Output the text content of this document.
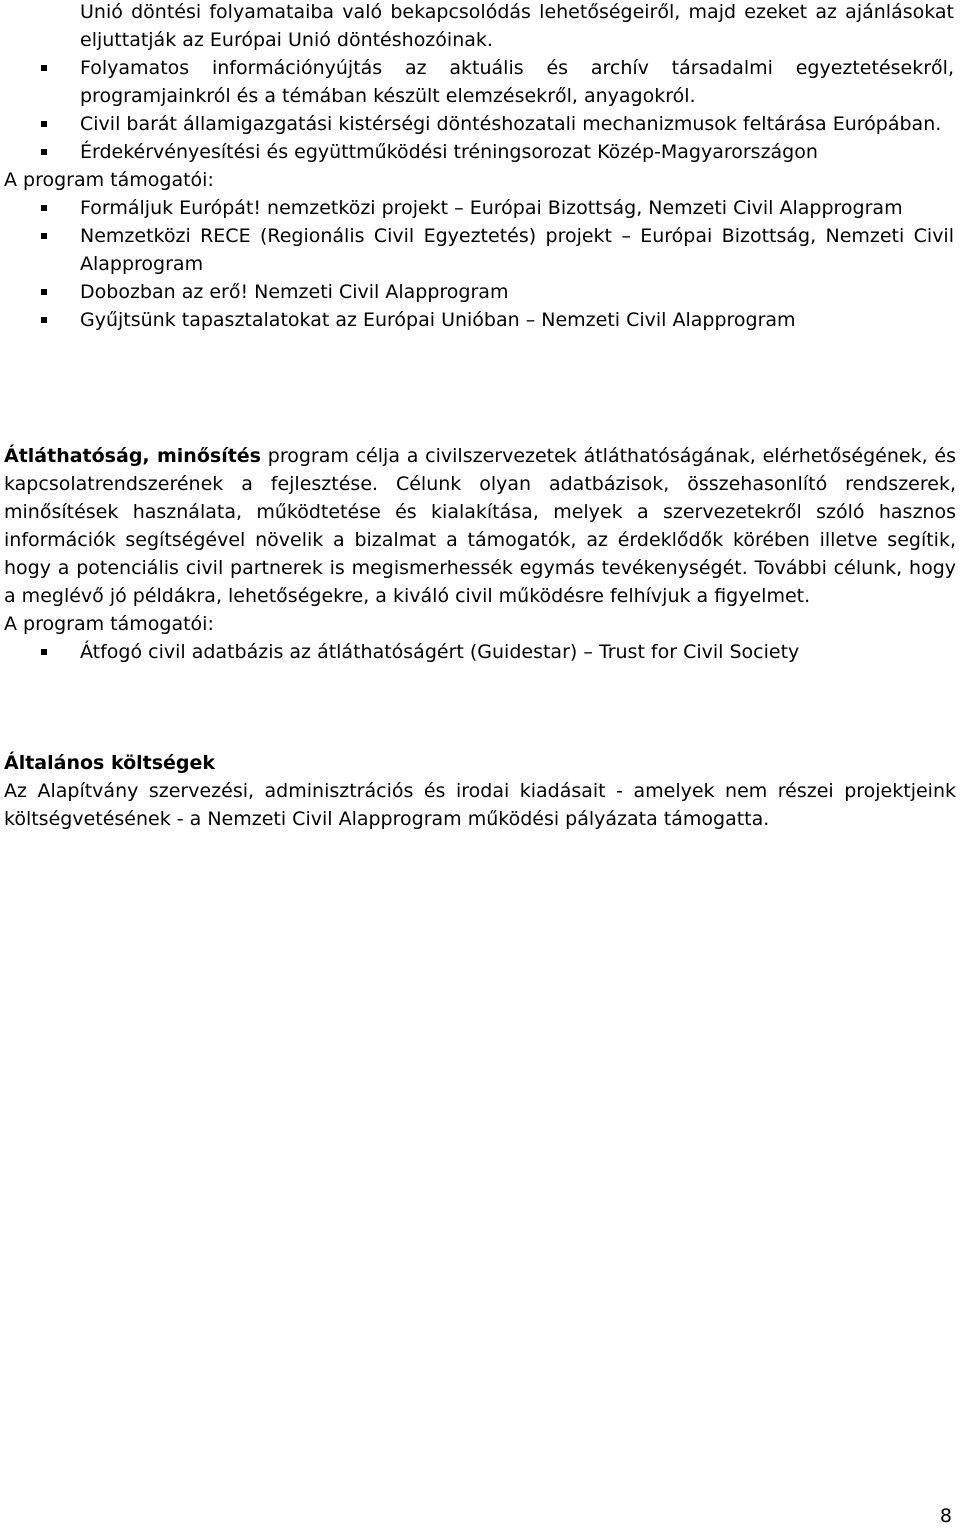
Unió döntési folyamataiba való bekapcsolódás lehetőségeiről, majd ezeket az ajánlásokat eljuttatják az Európai Unió döntéshozóinak.
Folyamatos információnyújtás az aktuális és archív társadalmi egyeztetésekről, programjainkról és a témában készült elemzésekről, anyagokról.
Civil barát államigazgatási kistérségi döntéshozatali mechanizmusok feltárása Európában.
Érdekérvényesítési és együttműködési tréningsorozat Közép-Magyarországon

A program támogatói:

Formáljuk Európát! nemzetközi projekt – Európai Bizottság, Nemzeti Civil Alapprogram
Nemzetközi RECE (Regionális Civil Egyeztetés) projekt – Európai Bizottság, Nemzeti Civil Alapprogram
Dobozban az erő! Nemzeti Civil Alapprogram
Gyűjtsünk tapasztalatokat az Európai Unióban – Nemzeti Civil Alapprogram

Átláthatóság, minősítés program célja a civilszervezetek átláthatóságának, elérhetőségének, és kapcsolatrendszerének a fejlesztése. Célunk olyan adatbázisok, összehasonlító rendszerek, minősítések használata, működtetése és kialakítása, melyek a szervezetekről szóló hasznos információk segítségével növelik a bizalmat a támogatók, az érdeklődők körében illetve segítik, hogy a potenciális civil partnerek is megismerhessék egymás tevékenységét. További célunk, hogy a meglévő jó példákra, lehetőségekre, a kiváló civil működésre felhívjuk a figyelmet.

A program támogatói:

Átfogó civil adatbázis az átláthatóságért (Guidestar) – Trust for Civil Society

Általános költségek

Az Alapítvány szervezési, adminisztrációs és irodai kiadásait - amelyek nem részei projektjeink költségvetésének - a Nemzeti Civil Alapprogram működési pályázata támogatta.

8
